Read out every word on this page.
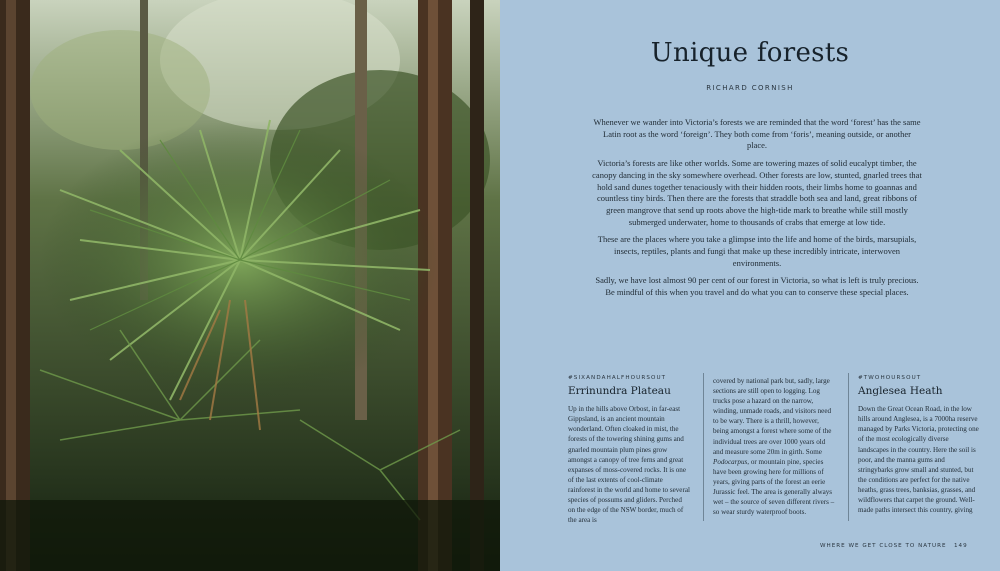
Unique forests
RICHARD CORNISH

Whenever we wander into Victoria’s forests we are reminded that the word ‘forest’ has the same Latin root as the word ‘foreign’. They both come from ‘foris’, meaning outside, or another place.

Victoria’s forests are like other worlds. Some are towering mazes of solid eucalypt timber, the canopy dancing in the sky somewhere overhead. Other forests are low, stunted, gnarled trees that hold sand dunes together tenaciously with their hidden roots, their limbs home to goannas and countless tiny birds. Then there are the forests that straddle both sea and land, great ribbons of green mangrove that send up roots above the high-tide mark to breathe while still mostly submerged underwater, home to thousands of crabs that emerge at low tide.

These are the places where you take a glimpse into the life and home of the birds, marsupials, insects, reptiles, plants and fungi that make up these incredibly intricate, interwoven environments.

Sadly, we have lost almost 90 per cent of our forest in Victoria, so what is left is truly precious. Be mindful of this when you travel and do what you can to conserve these special places.

#SIXANDAHALFHOURSOUT
Errinundra Plateau

Up in the hills above Orbost, in far-east Gippsland, is an ancient mountain wonderland. Often cloaked in mist, the forests of the towering shining gums and gnarled mountain plum pines grow amongst a canopy of tree ferns and great expanses of moss-covered rocks. It is one of the last extents of cool-climate rainforest in the world and home to several species of possums and gliders. Perched on the edge of the NSW border, much of the area is

covered by national park but, sadly, large sections are still open to logging. Log trucks pose a hazard on the narrow, winding, unmade roads, and visitors need to be wary. There is a thrill, however, being amongst a forest where some of the individual trees are over 1000 years old and measure some 20m in girth. Some Podocarpus, or mountain pine, species have been growing here for millions of years, giving parts of the forest an eerie Jurassic feel. The area is generally always wet – the source of seven different rivers – so wear sturdy waterproof boots.

#TWOHOURSOUT
Anglesea Heath

Down the Great Ocean Road, in the low hills around Anglesea, is a 7000ha reserve managed by Parks Victoria, protecting one of the most ecologically diverse landscapes in the country. Here the soil is poor, and the manna gums and stringybarks grow small and stunted, but the conditions are perfect for the native heaths, grass trees, banksias, grasses, and wildflowers that carpet the ground. Well-made paths intersect this country, giving

WHERE WE GET CLOSE TO NATURE 149
